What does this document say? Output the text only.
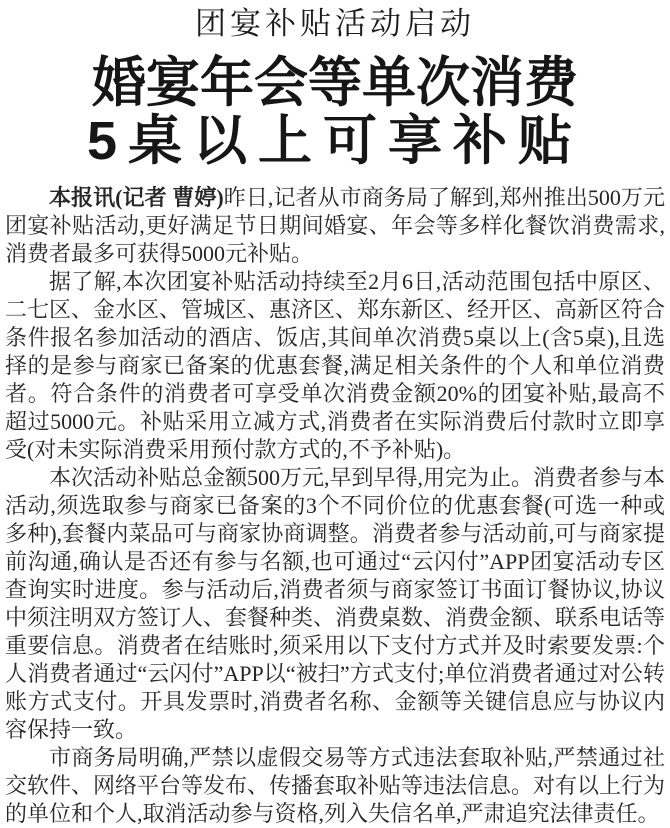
团宴补贴活动启动
婚宴年会等单次消费
5桌以上可享补贴

本报讯(记者 曹婷)昨日,记者从市商务局了解到,郑州推出500万元团宴补贴活动,更好满足节日期间婚宴、年会等多样化餐饮消费需求,消费者最多可获得5000元补贴。

据了解,本次团宴补贴活动持续至2月6日,活动范围包括中原区、二七区、金水区、管城区、惠济区、郑东新区、经开区、高新区符合条件报名参加活动的酒店、饭店,其间单次消费5桌以上(含5桌),且选择的是参与商家已备案的优惠套餐,满足相关条件的个人和单位消费者。符合条件的消费者可享受单次消费金额20%的团宴补贴,最高不超过5000元。补贴采用立减方式,消费者在实际消费后付款时立即享受(对未实际消费采用预付款方式的,不予补贴)。

本次活动补贴总金额500万元,早到早得,用完为止。消费者参与本活动,须选取参与商家已备案的3个不同价位的优惠套餐(可选一种或多种),套餐内菜品可与商家协商调整。消费者参与活动前,可与商家提前沟通,确认是否还有参与名额,也可通过“云闪付”APP团宴活动专区查询实时进度。参与活动后,消费者须与商家签订书面订餐协议,协议中须注明双方签订人、套餐种类、消费桌数、消费金额、联系电话等重要信息。消费者在结账时,须采用以下支付方式并及时索要发票:个人消费者通过“云闪付”APP以“被扫”方式支付;单位消费者通过对公转账方式支付。开具发票时,消费者名称、金额等关键信息应与协议内容保持一致。

市商务局明确,严禁以虚假交易等方式违法套取补贴,严禁通过社交软件、网络平台等发布、传播套取补贴等违法信息。对有以上行为的单位和个人,取消活动参与资格,列入失信名单,严肃追究法律责任。
